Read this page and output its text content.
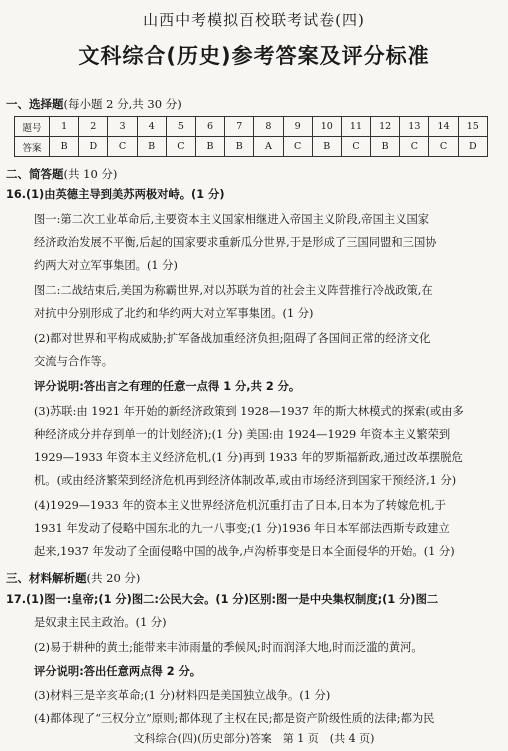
山西中考模拟百校联考试卷(四)
文科综合(历史)参考答案及评分标准
一、选择题(每小题 2 分,共 30 分)
题号	1	2	3	4	5	6	7	8	9	10	11	12	13	14	15
答案	B	D	C	B	C	B	B	A	C	B	C	B	C	C	D
二、简答题(共 10 分)
16.(1)由英德主导到美苏两极对峙。(1 分)
图一:第二次工业革命后,主要资本主义国家相继进入帝国主义阶段,帝国主义国家
经济政治发展不平衡,后起的国家要求重新瓜分世界,于是形成了三国同盟和三国协
约两大对立军事集团。(1 分)
图二:二战结束后,美国为称霸世界,对以苏联为首的社会主义阵营推行冷战政策,在
对抗中分别形成了北约和华约两大对立军事集团。(1 分)
(2)都对世界和平构成威胁;扩军备战加重经济负担;阻碍了各国间正常的经济文化
交流与合作等。
评分说明:答出言之有理的任意一点得 1 分,共 2 分。
(3)苏联:由 1921 年开始的新经济政策到 1928—1937 年的斯大林模式的探索(或由多
种经济成分并存到单一的计划经济);(1 分) 美国:由 1924—1929 年资本主义繁荣到
1929—1933 年资本主义经济危机,(1 分)再到 1933 年的罗斯福新政,通过改革摆脱危
机。(或由经济繁荣到经济危机再到经济体制改革,或由市场经济到国家干预经济,1 分)
(4)1929—1933 年的资本主义世界经济危机沉重打击了日本,日本为了转嫁危机,于
1931 年发动了侵略中国东北的九一八事变;(1 分)1936 年日本军部法西斯专政建立
起来,1937 年发动了全面侵略中国的战争,卢沟桥事变是日本全面侵华的开始。(1 分)
三、材料解析题(共 20 分)
17.(1)图一:皇帝;(1 分)图二:公民大会。(1 分)区别:图一是中央集权制度;(1 分)图二
是奴隶主民主政治。(1 分)
(2)易于耕种的黄土;能带来丰沛雨量的季候风;时而润泽大地,时而泛滥的黄河。
评分说明:答出任意两点得 2 分。
(3)材料三是辛亥革命;(1 分)材料四是美国独立战争。(1 分)
(4)都体现了“三权分立”原则;都体现了主权在民;都是资产阶级性质的法律;都为民
文科综合(四)(历史部分)答案　第 1 页　(共 4 页)
